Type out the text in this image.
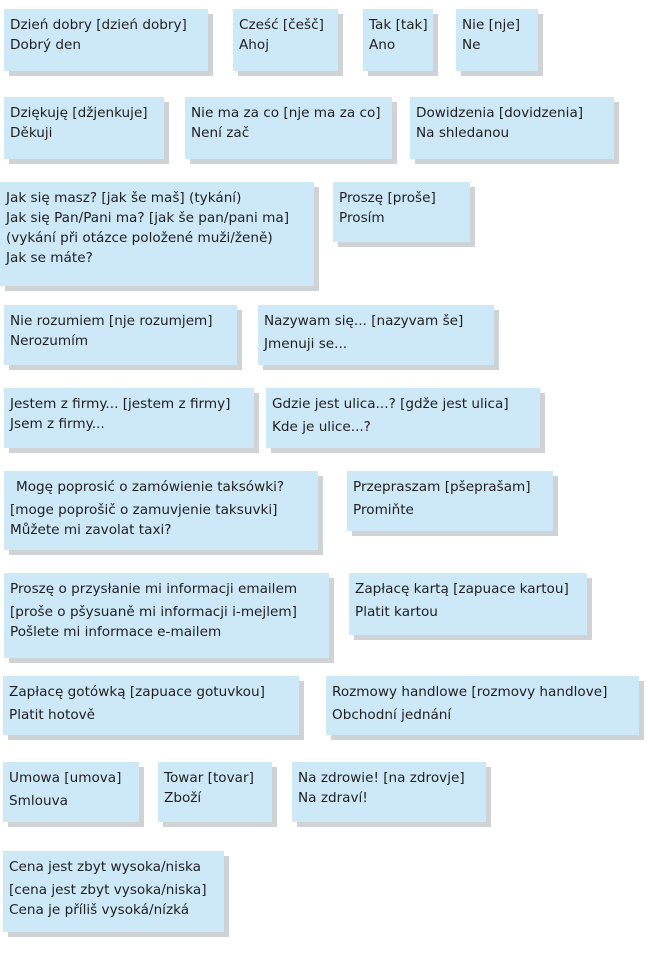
Dzień dobry [dzień dobry]
Dobrý den
Cześć [češč]
Ahoj
Tak [tak]
Ano
Nie [nje]
Ne
Dziękuję [džjenkuje]
Děkuji
Nie ma za co [nje ma za co]
Není zač
Dowidzenia [dovidzenia]
Na shledanou
Jak się masz? [jak še maš] (tykání)
Jak się Pan/Pani ma? [jak še pan/pani ma]
(vykání při otázce položené muži/ženě)
Jak se máte?
Proszę [proše]
Prosím
Nie rozumiem [nje rozumjem]
Nerozumím
Nazywam się... [nazyvam še]
Jmenuji se...
Jestem z firmy... [jestem z firmy]
Jsem z firmy...
Gdzie jest ulica...? [gdže jest ulica]
Kde je ulice...?
Mogę poprosić o zamówienie taksówki?
[moge poprošič o zamuvjenie taksuvki]
Můžete mi zavolat taxi?
Przepraszam [pšeprašam]
Promiňte
Proszę o przysłanie mi informacji emailem
[proše o pšysuaně mi informacji i-mejlem]
Pošlete mi informace e-mailem
Zapłacę kartą [zapuace kartou]
Platit kartou
Zapłacę gotówką [zapuace gotuvkou]
Platit hotově
Rozmowy handlowe [rozmovy handlove]
Obchodní jednání
Umowa [umova]
Smlouva
Towar [tovar]
Zboží
Na zdrowie! [na zdrovje]
Na zdraví!
Cena jest zbyt wysoka/niska
[cena jest zbyt vysoka/niska]
Cena je příliš vysoká/nízká
